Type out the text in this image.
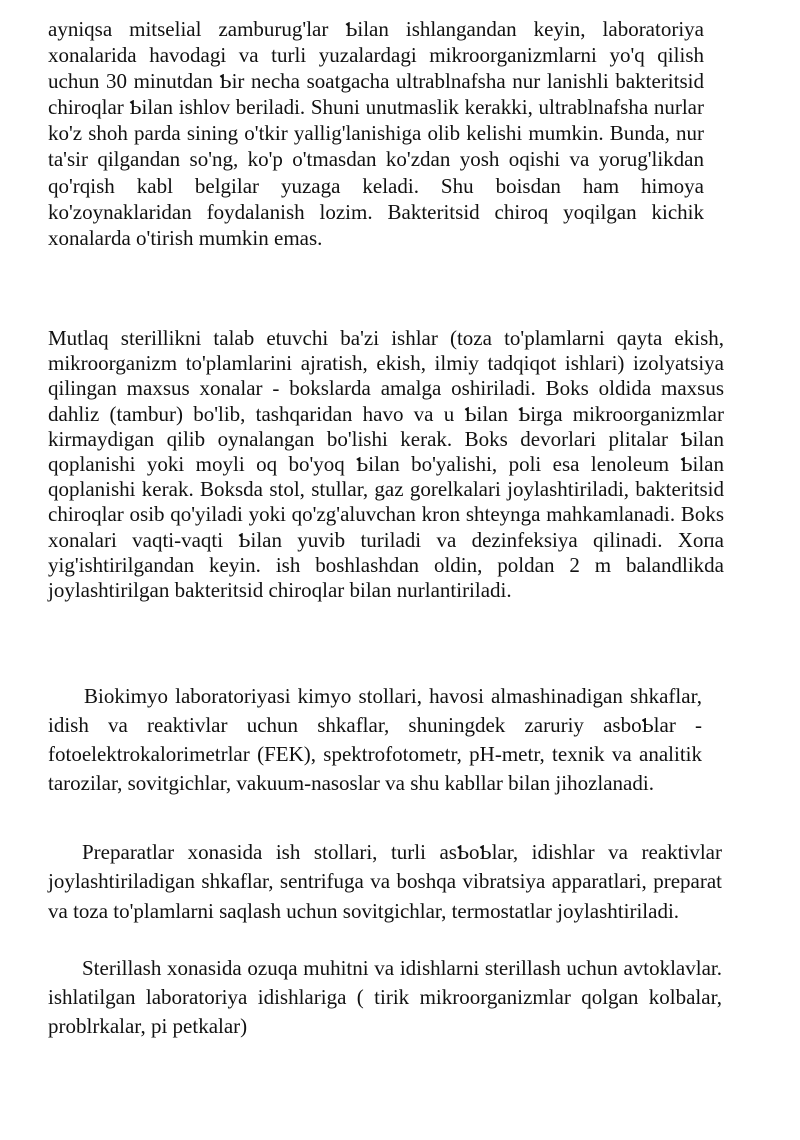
ayniqsa mitselial zamburug'lar Ƅilan ishlangandan keyin, laboratoriya xonalarida havodagi va turli yuzalardagi mikroorganizmlarni yo'q qilish uchun 30 minutdan Ƅir necha soatgacha ultrablnafsha nur lanishli bakteritsid chiroqlar Ƅilan ishlov beriladi. Shuni unutmaslik kerakki, ultrablnafsha nurlar ko'z shoh parda sining o'tkir yallig'lanishiga olib kelishi mumkin. Bunda, nur ta'sir qilgandan so'ng, ko'p o'tmasdan ko'zdan yosh oqishi va yorug'likdan qo'rqish kabl belgilar yuzaga keladi. Shu boisdan ham himoya ko'zoynaklaridan foydalanish lozim. Bakteritsid chiroq yoqilgan kichik xonalarda o'tirish mumkin emas.

Mutlaq sterillikni talab etuvchi ba'zi ishlar (toza to'plamlarni qayta ekish, mikroorganizm to'plamlarini ajratish, ekish, ilmiy tadqiqot ishlari) izolyatsiya qilingan maxsus xonalar - bokslarda amalga oshiriladi. Boks oldida maxsus dahliz (tambur) bo'lib, tashqaridan havo va u Ƅilan Ƅirga mikroorganizmlar kirmaydigan qilib oynalangan bo'lishi kerak. Boks devorlari plitalar Ƅilan qoplanishi yoki moyli oq bo'yoq Ƅilan bo'yalishi, poli esa lenoleum Ƅilan qoplanishi kerak. Boksda stol, stullar, gaz gorelkalari joylashtiriladi, bakteritsid chiroqlar osib qo'yiladi yoki qo'zg'aluvchan kron shteynga mahkamlanadi. Boks xonalari vaqti-vaqti Ƅilan yuvib turiladi va dezinfeksiya qilinadi. Xoпa yig'ishtirilgandan keyin. ish boshlashdan oldin, poldan 2 m balandlikda joylashtirilgan bakteritsid chiroqlar bilan nurlantiriladi.

Biokimyo laboratoriyasi kimyo stollari, havosi almashinadigan shkaflar, idish va reaktivlar uchun shkaflar, shuningdek zaruriy asboƄlar - fotoelektrokalorimetrlar (FEK), spektrofotometr, pH-metr, texnik va analitik tarozilar, sovitgichlar, vakuum-nasoslar va shu kabllar bilan jihozlanadi.

Preparatlar xonasida ish stollari, turli asƄoƄlar, idishlar va reaktivlar joylashtiriladigan shkaflar, sentrifuga va boshqa vibratsiya apparatlari, preparat va toza to'plamlarni saqlash uchun sovitgichlar, termostatlar joylashtiriladi.

Sterillash xonasida ozuqa muhitni va idishlarni sterillash uchun avtoklavlar. ishlatilgan laboratoriya idishlariga ( tirik mikroorganizmlar qolgan kolbalar, problrkalar, pi petkalar)
